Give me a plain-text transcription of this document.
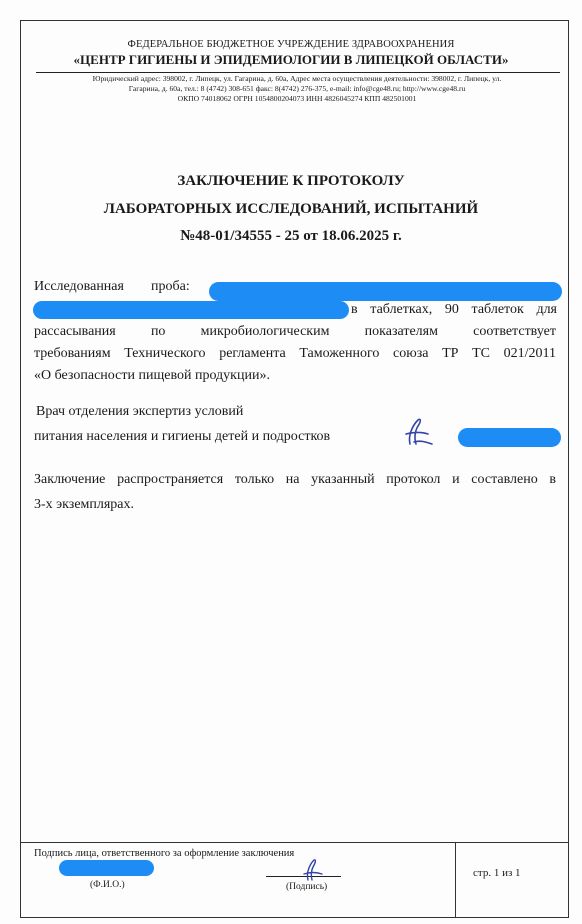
ФЕДЕРАЛЬНОЕ БЮДЖЕТНОЕ УЧРЕЖДЕНИЕ ЗДРАВООХРАНЕНИЯ
«ЦЕНТР ГИГИЕНЫ И ЭПИДЕМИОЛОГИИ В ЛИПЕЦКОЙ ОБЛАСТИ»
Юридический адрес: 398002, г. Липецк, ул. Гагарина, д. 60а, Адрес места осуществления деятельности: 398002, г. Липецк, ул.
Гагарина, д. 60а, тел.: 8 (4742) 308-651 факс: 8(4742) 276-375, e-mail: info@cge48.ru; http://www.cge48.ru
ОКПО 74018062 ОГРН 1054800204073 ИНН 4826045274 КПП 482501001
ЗАКЛЮЧЕНИЕ К ПРОТОКОЛУ
ЛАБОРАТОРНЫХ ИССЛЕДОВАНИЙ, ИСПЫТАНИЙ
№48-01/34555 - 25 от 18.06.2025 г.
Исследованная проба:
в таблетках, 90 таблеток для
рассасывания	по	микробиологическим	показателям	соответствует
требованиям Технического регламента Таможенного союза ТР ТС 021/2011
«О безопасности пищевой продукции».
Врач отделения экспертиз условий
питания населения и гигиены детей и подростков
Заключение распространяется только на указанный протокол и составлено в
3-х экземплярах.
Подпись лица, ответственного за оформление заключения
(Ф.И.О.)	(Подпись)
стр. 1 из 1
